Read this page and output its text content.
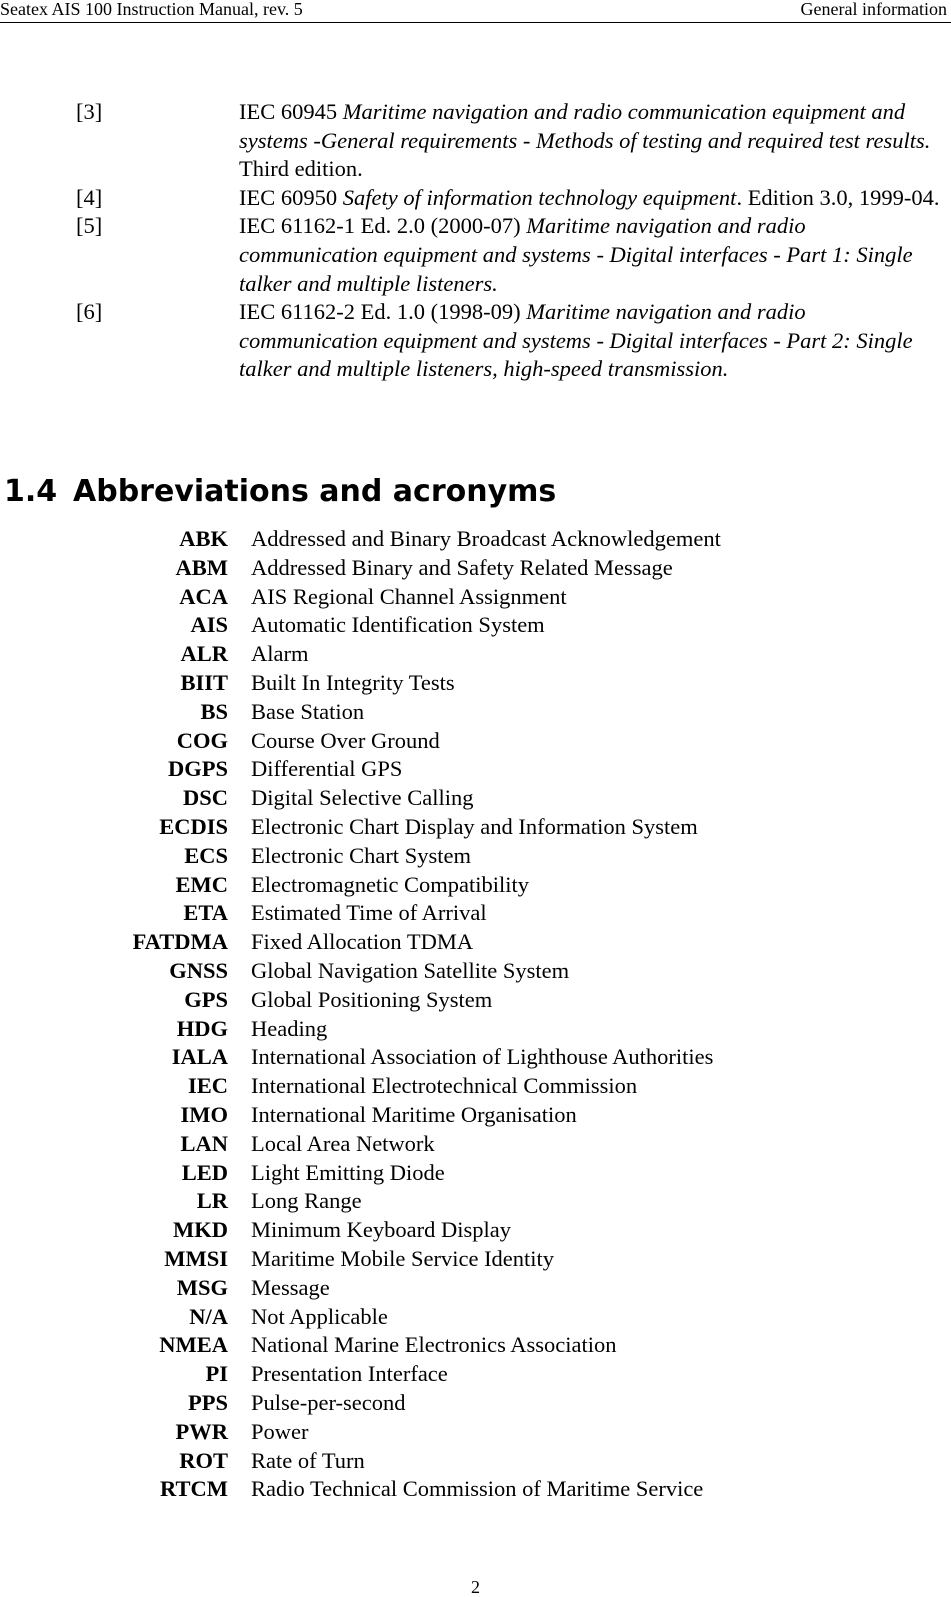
Seatex AIS 100 Instruction Manual, rev. 5	General information
[3]	IEC 60945 Maritime navigation and radio communication equipment and systems -General requirements - Methods of testing and required test results. Third edition.
[4]	IEC 60950 Safety of information technology equipment. Edition 3.0, 1999-04.
[5]	IEC 61162-1 Ed. 2.0 (2000-07) Maritime navigation and radio communication equipment and systems - Digital interfaces - Part 1: Single talker and multiple listeners.
[6]	IEC 61162-2 Ed. 1.0 (1998-09) Maritime navigation and radio communication equipment and systems - Digital interfaces - Part 2: Single talker and multiple listeners, high-speed transmission.
1.4 Abbreviations and acronyms
ABK Addressed and Binary Broadcast Acknowledgement
ABM Addressed Binary and Safety Related Message
ACA AIS Regional Channel Assignment
AIS Automatic Identification System
ALR Alarm
BIIT Built In Integrity Tests
BS Base Station
COG Course Over Ground
DGPS Differential GPS
DSC Digital Selective Calling
ECDIS Electronic Chart Display and Information System
ECS Electronic Chart System
EMC Electromagnetic Compatibility
ETA Estimated Time of Arrival
FATDMA Fixed Allocation TDMA
GNSS Global Navigation Satellite System
GPS Global Positioning System
HDG Heading
IALA International Association of Lighthouse Authorities
IEC International Electrotechnical Commission
IMO International Maritime Organisation
LAN Local Area Network
LED Light Emitting Diode
LR Long Range
MKD Minimum Keyboard Display
MMSI Maritime Mobile Service Identity
MSG Message
N/A Not Applicable
NMEA National Marine Electronics Association
PI Presentation Interface
PPS Pulse-per-second
PWR Power
ROT Rate of Turn
RTCM Radio Technical Commission of Maritime Service
2
